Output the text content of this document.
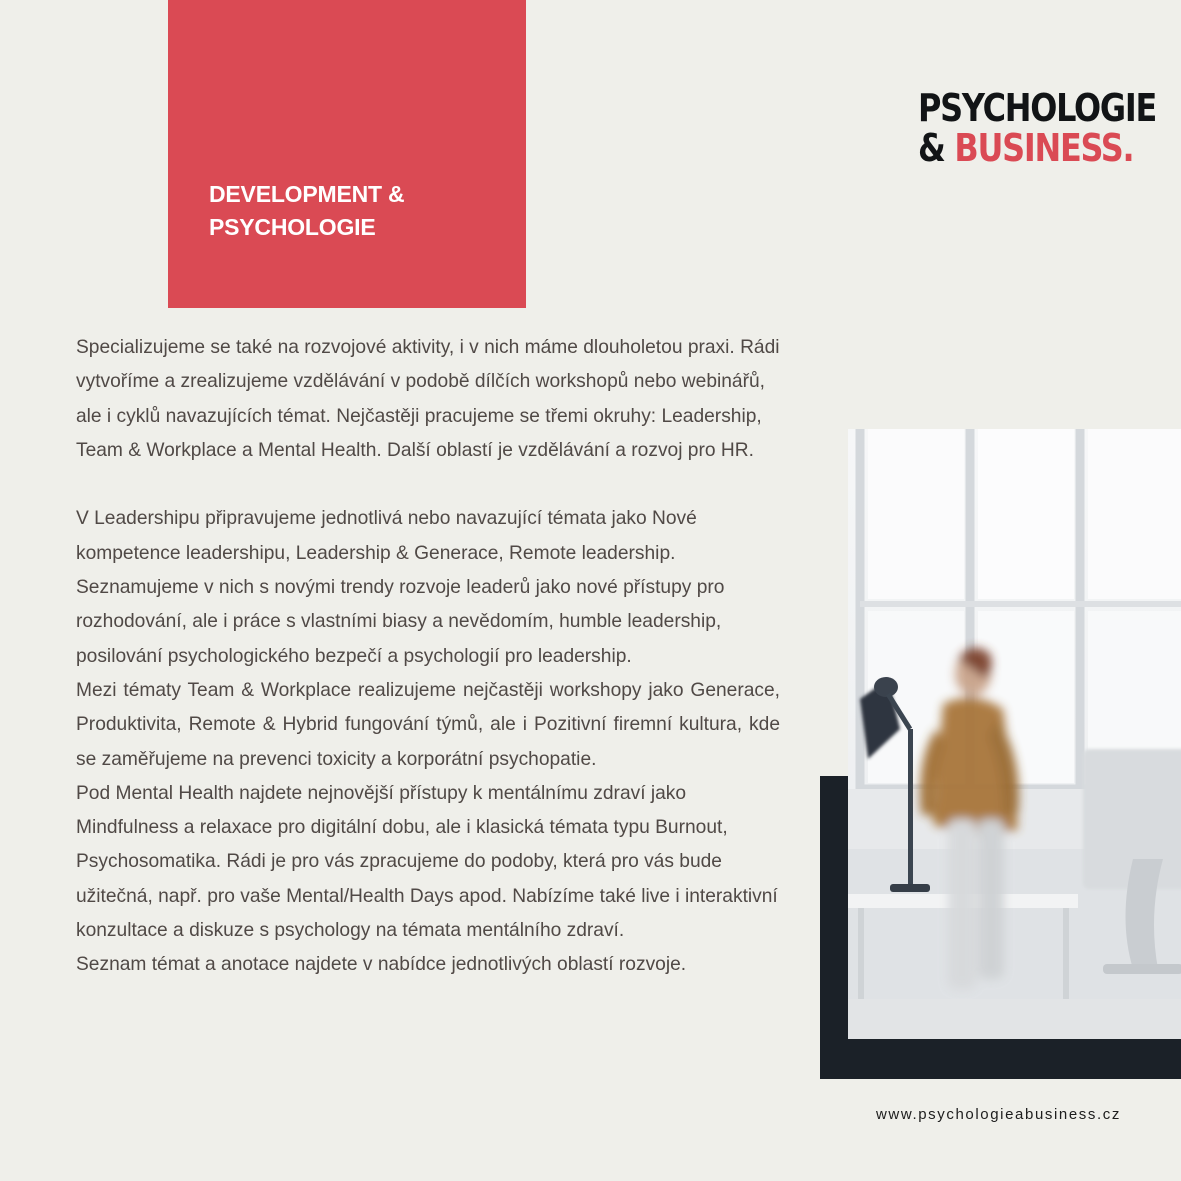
DEVELOPMENT &
PSYCHOLOGIE
PSYCHOLOGIE
& BUSINESS.

Specializujeme se také na rozvojové aktivity, i v nich máme dlouholetou praxi. Rádi vytvoříme a zrealizujeme vzdělávání v podobě dílčích workshopů nebo webinářů, ale i cyklů navazujících témat. Nejčastěji pracujeme se třemi okruhy: Leadership, Team & Workplace a Mental Health. Další oblastí je vzdělávání a rozvoj pro HR.

V Leadershipu připravujeme jednotlivá nebo navazující témata jako Nové kompetence leadershipu, Leadership & Generace, Remote leadership. Seznamujeme v nich s novými trendy rozvoje leaderů jako nové přístupy pro rozhodování, ale i práce s vlastními biasy a nevědomím, humble leadership, posilování psychologického bezpečí a psychologií pro leadership.

Mezi tématy Team & Workplace realizujeme nejčastěji workshopy jako Generace, Produktivita, Remote & Hybrid fungování týmů, ale i Pozitivní firemní kultura, kde se zaměřujeme na prevenci toxicity a korporátní psychopatie.

Pod Mental Health najdete nejnovější přístupy k mentálnímu zdraví jako Mindfulness a relaxace pro digitální dobu, ale i klasická témata typu Burnout, Psychosomatika. Rádi je pro vás zpracujeme do podoby, která pro vás bude užitečná, např. pro vaše Mental/Health Days apod. Nabízíme také live i interaktivní konzultace a diskuze s psychology na témata mentálního zdraví.

Seznam témat a anotace najdete v nabídce jednotlivých oblastí rozvoje.

www.psychologieabusiness.cz
